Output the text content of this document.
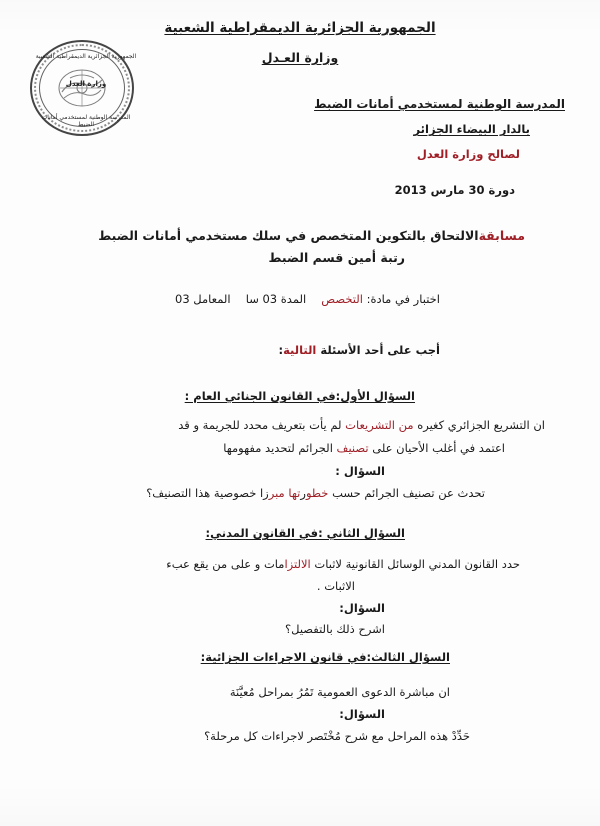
الجمهورية الجزائرية الديمقراطية الشعبية
وزارة العدل
المدرسة الوطنية لمستخدمي أمانات الضبط
الجمهورية الجزائرية الديمقراطية الشعبية
وزارة العـدل
المدرسة الوطنية لمستخدمي أمانات الضبط
بالدار البيضاء الجزائر
لصالح وزارة العدل
دورة 30 مارس 2013
مسابقةالالتحاق بالتكوين المتخصص في سلك مستخدمي أمانات الضبط
رتبة أمين قسم الضبط
اختبار في مادة: التخصص
المدة 03 سا
المعامل 03
أجب على أحد الأسئلة التالية:
السؤال الأول:في القانون الجنائي العام :
ان التشريع الجزائري كغيره من التشريعات لم يأت بتعريف محدد للجريمة و قد
اعتمد في أغلب الأحيان على تصنيف الجرائم لتحديد مفهومها
السؤال :
تحدث عن تصنيف الجرائم حسب خطورتها مبرزا خصوصية هذا التصنيف؟
السؤال الثاني :في القانون المدني:
حدد القانون المدني الوسائل القانونية لاثبات الالتزامات و على من يقع عبء
الاثبات .
السؤال:
اشرح ذلك بالتفصيل؟
السؤال الثالث:في قانون الاجراءات الجزائية:
ان مباشرة الدعوى العمومية تَمُرُ بمراحل مُعيَّنَة
السؤال:
حَدِّدْ هذه المراحل مع شرح مُخْتَصر لاجراءات كل مرحلة؟
